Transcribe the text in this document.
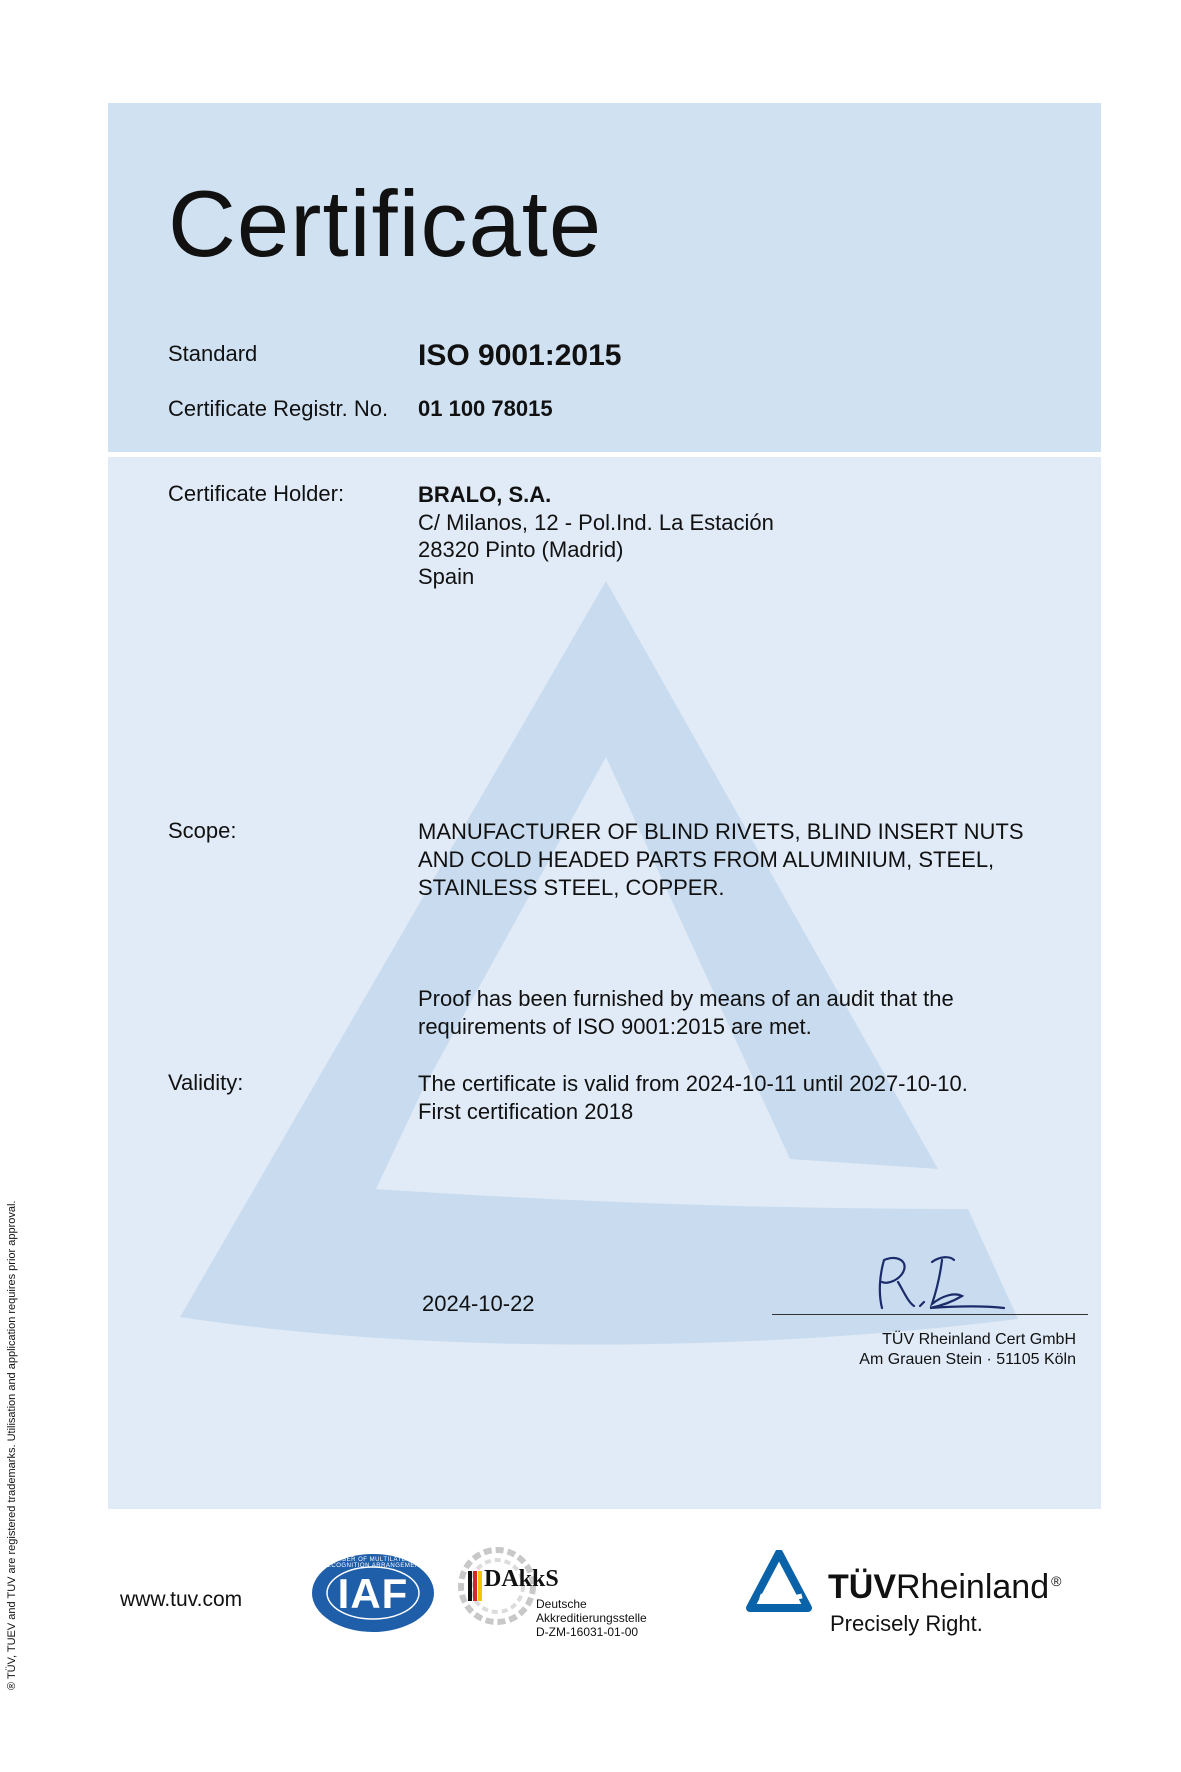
Certificate
Standard	ISO 9001:2015
Certificate Registr. No. 01 100 78015
Certificate Holder:	BRALO, S.A.
C/ Milanos, 12 - Pol.Ind. La Estación
28320 Pinto (Madrid)
Spain
Scope:	MANUFACTURER OF BLIND RIVETS, BLIND INSERT NUTS
AND COLD HEADED PARTS FROM ALUMINIUM, STEEL,
STAINLESS STEEL, COPPER.
Proof has been furnished by means of an audit that the
requirements of ISO 9001:2015 are met.
Validity:	The certificate is valid from 2024-10-11 until 2027-10-10.
First certification 2018
2024-10-22
TÜV Rheinland Cert GmbH
Am Grauen Stein · 51105 Köln
® TÜV, TUEV and TUV are registered trademarks. Utilisation and application requires prior approval.	www.tuv.com	IAF
MEMBER OF MULTILATERAL RECOGNITION ARRANGEMENT	DAkkS
Deutsche
Akkreditierungsstelle
D-ZM-16031-01-00
TÜVRheinland ®
Precisely Right.
